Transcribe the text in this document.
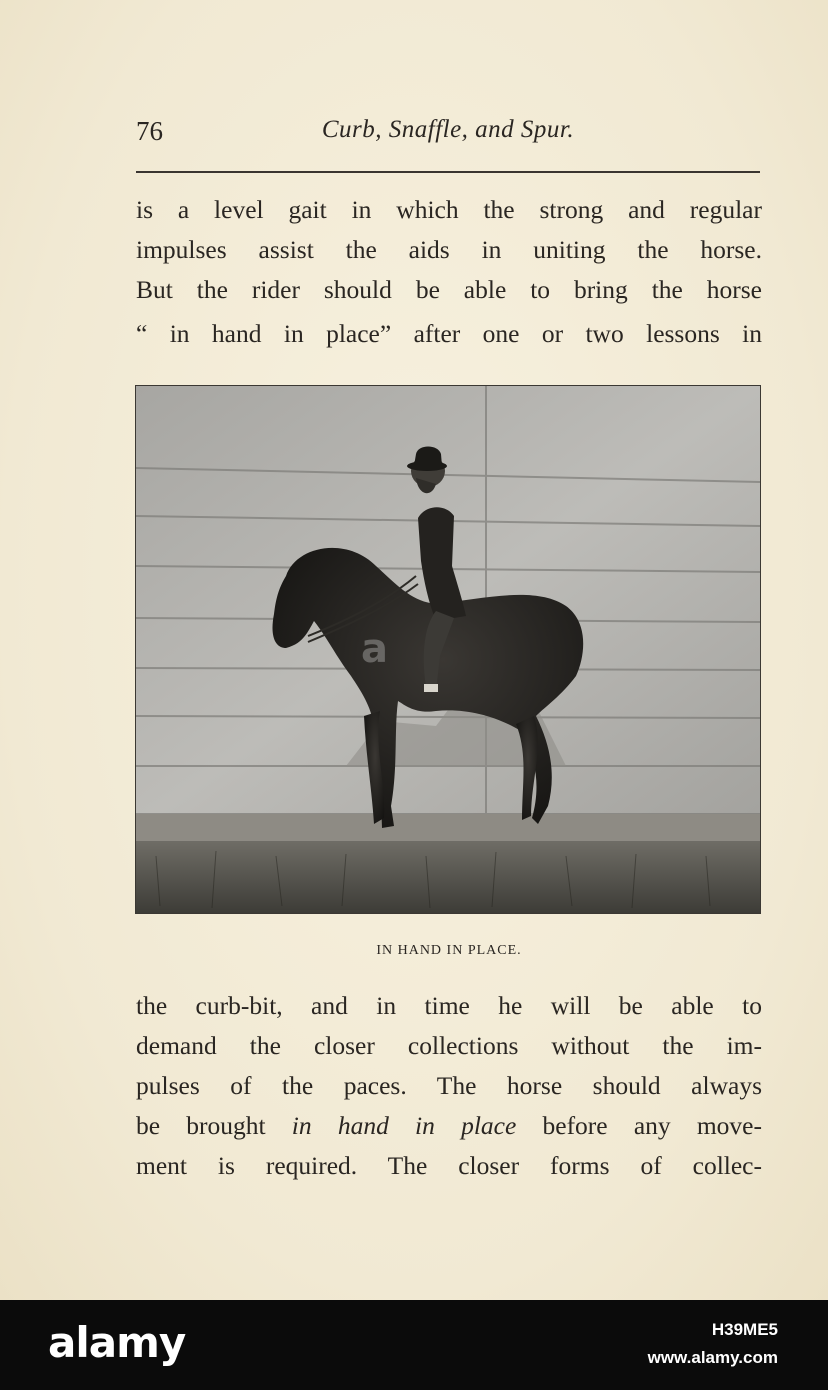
76	Curb, Snaffle, and Spur.
is a level gait in which the strong and regular
impulses assist the aids in uniting the horse.
But the rider should be able to bring the horse
“ in hand in place” after one or two lessons in
a
IN HAND IN PLACE.
the curb-bit, and in time he will be able to
demand the closer collections without the im-
pulses of the paces. The horse should always
be brought in hand in place before any move-
ment is required. The closer forms of collec-
alamy	H39ME5
www.alamy.com
